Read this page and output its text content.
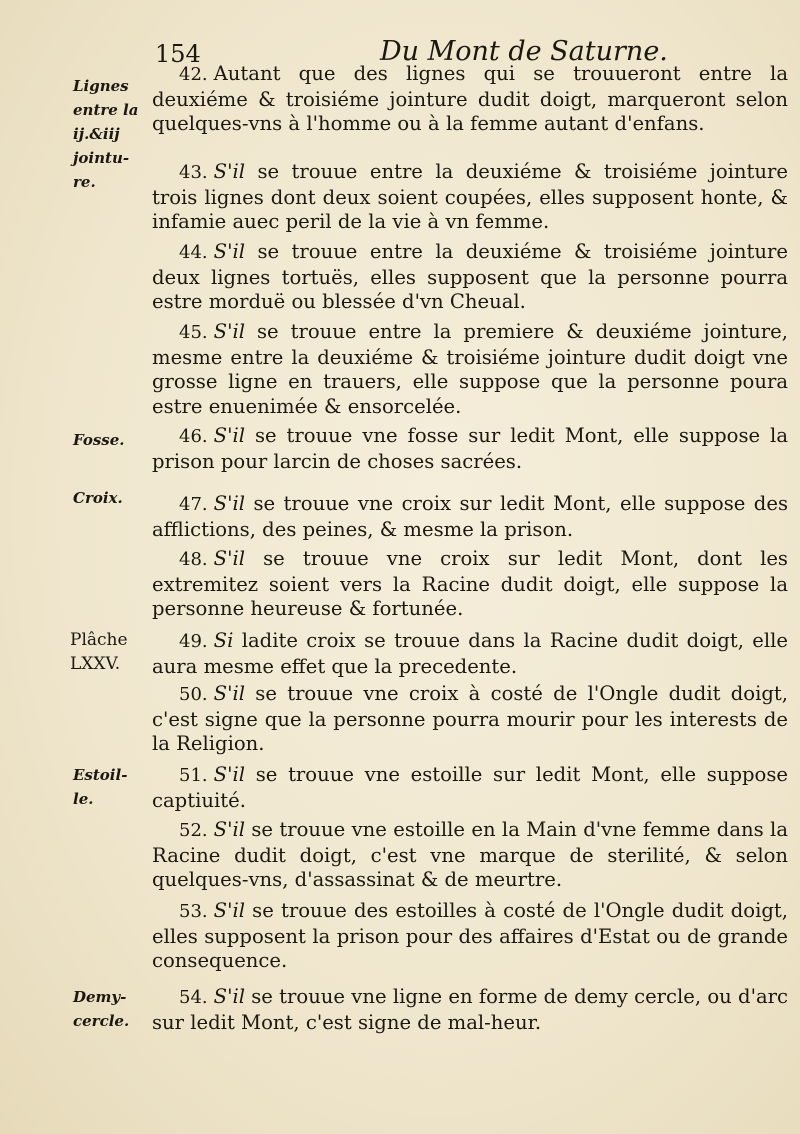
154	Du Mont de Saturne.

42. Autant que des lignes qui se trouueront entre la deuxiéme & troisiéme jointure dudit doigt, marqueront selon quelques-vns à l'homme ou à la femme autant d'enfans.

43. S'il se trouue entre la deuxiéme & troisiéme jointure trois lignes dont deux soient coupées, elles supposent honte, & infamie auec peril de la vie à vn femme.

44. S'il se trouue entre la deuxiéme & troisiéme jointure deux lignes tortuës, elles supposent que la personne pourra estre morduë ou blessée d'vn Cheual.

45. S'il se trouue entre la premiere & deuxiéme jointure, mesme entre la deuxiéme & troisiéme jointure dudit doigt vne grosse ligne en trauers, elle suppose que la personne poura estre enuenimée & ensorcelée.

46. S'il se trouue vne fosse sur ledit Mont, elle suppose la prison pour larcin de choses sacrées.

47. S'il se trouue vne croix sur ledit Mont, elle suppose des afflictions, des peines, & mesme la prison.

48. S'il se trouue vne croix sur ledit Mont, dont les extremitez soient vers la Racine dudit doigt, elle suppose la personne heureuse & fortunée.

49. Si ladite croix se trouue dans la Racine dudit doigt, elle aura mesme effet que la precedente.

50. S'il se trouue vne croix à costé de l'Ongle dudit doigt, c'est signe que la personne pourra mourir pour les interests de la Religion.

51. S'il se trouue vne estoille sur ledit Mont, elle suppose captiuité.

52. S'il se trouue vne estoille en la Main d'vne femme dans la Racine dudit doigt, c'est vne marque de sterilité, & selon quelques-vns, d'assassinat & de meurtre.

53. S'il se trouue des estoilles à costé de l'Ongle dudit doigt, elles supposent la prison pour des affaires d'Estat ou de grande consequence.

54. S'il se trouue vne ligne en forme de demy cercle, ou d'arc sur ledit Mont, c'est signe de mal-heur.

Lignes
entre la
ij.&iij
jointu-
re.
Fosse.
Croix.
Plâche
LXXV.
Estoil-
le.
Demy-
cercle.
